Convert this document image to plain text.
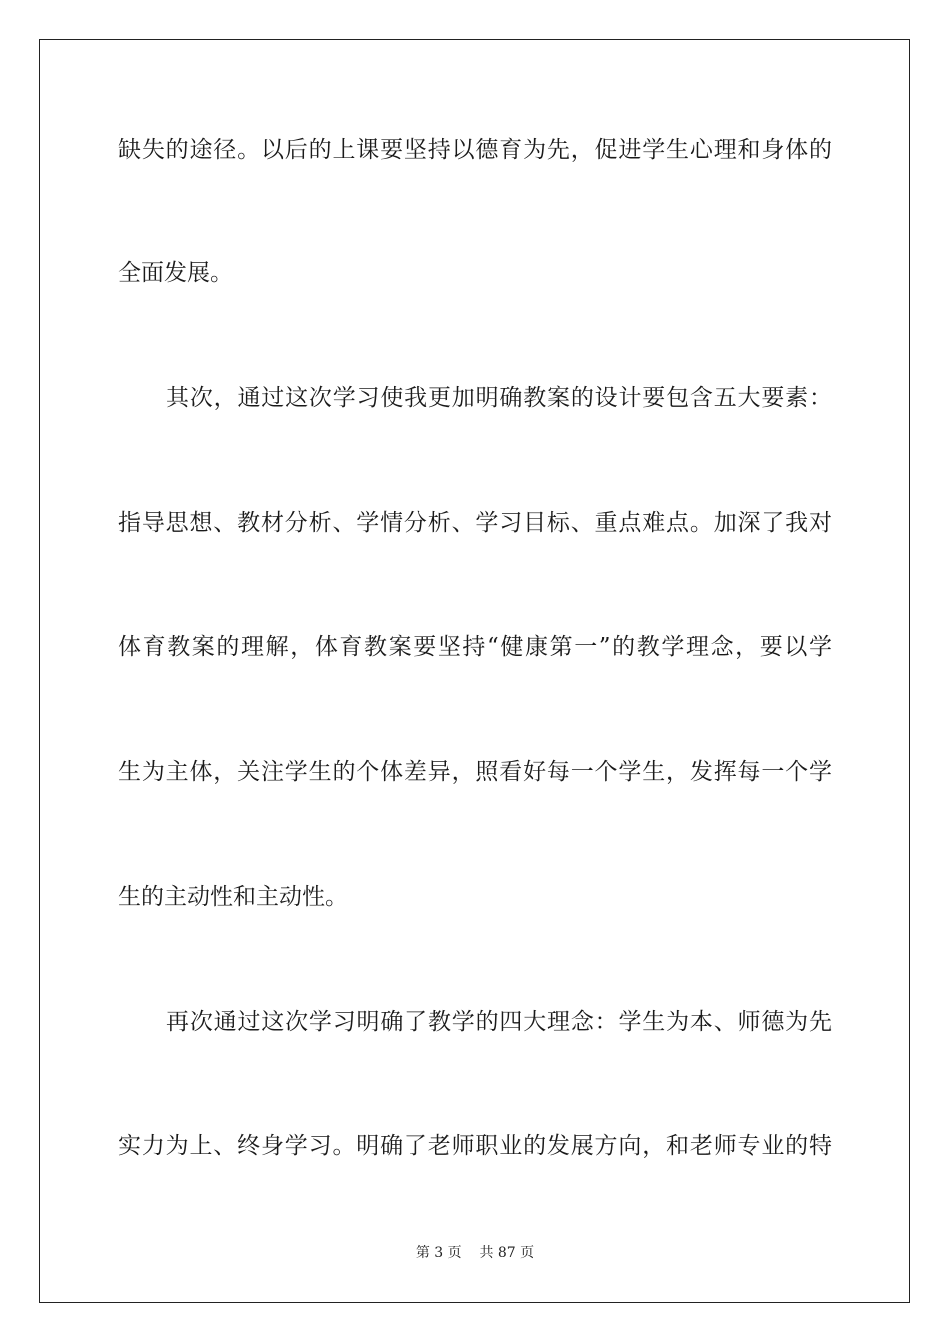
缺失的途径。以后的上课要坚持以德育为先，促进学生心理和身体的
全面发展。
其次，通过这次学习使我更加明确教案的设计要包含五大要素：
指导思想、教材分析、学情分析、学习目标、重点难点。加深了我对
体育教案的理解，体育教案要坚持“健康第一”的教学理念，要以学
生为主体，关注学生的个体差异，照看好每一个学生，发挥每一个学
生的主动性和主动性。
再次通过这次学习明确了教学的四大理念：学生为本、师德为先
实力为上、终身学习。明确了老师职业的发展方向，和老师专业的特
第 3 页 共 87 页
